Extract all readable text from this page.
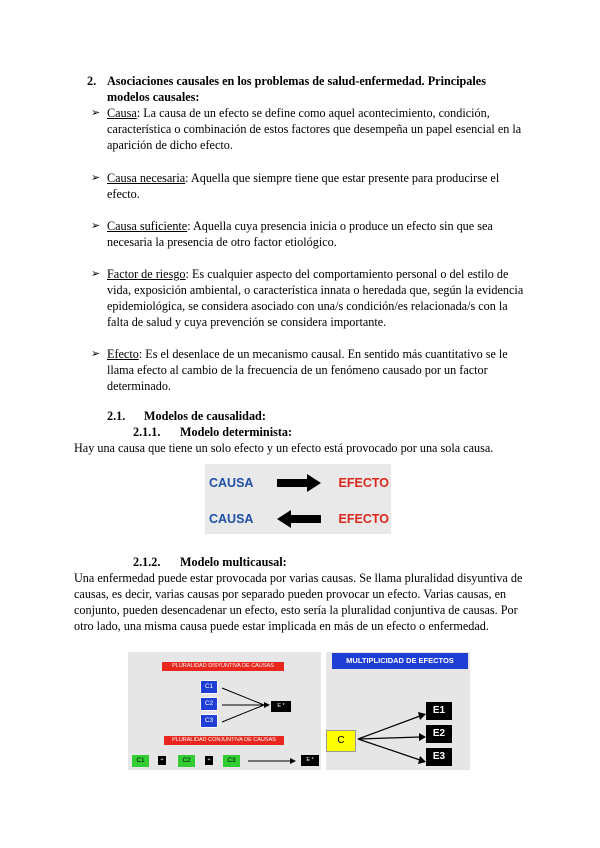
2. Asociaciones causales en los problemas de salud-enfermedad. Principales
modelos causales:
➢ Causa: La causa de un efecto se define como aquel acontecimiento, condición, característica o combinación de estos factores que desempeña un papel esencial en la aparición de dicho efecto.
➢ Causa necesaria: Aquella que siempre tiene que estar presente para producirse el efecto.
➢ Causa suficiente: Aquella cuya presencia inicia o produce un efecto sin que sea necesaria la presencia de otro factor etiológico.
➢ Factor de riesgo: Es cualquier aspecto del comportamiento personal o del estilo de vida, exposición ambiental, o característica innata o heredada que, según la evidencia epidemiológica, se considera asociado con una/s condición/es relacionada/s con la falta de salud y cuya prevención se considera importante.
➢ Efecto: Es el desenlace de un mecanismo causal. En sentido más cuantitativo se le llama efecto al cambio de la frecuencia de un fenómeno causado por un factor determinado.
2.1. Modelos de causalidad:
2.1.1. Modelo determinista:
Hay una causa que tiene un solo efecto y un efecto está provocado por una sola causa.
CAUSA	EFECTO
CAUSA	EFECTO
2.1.2. Modelo multicausal:
Una enfermedad puede estar provocada por varias causas. Se llama pluralidad disyuntiva de causas, es decir, varias causas por separado pueden provocar un efecto. Varias causas, en conjunto, pueden desencadenar un efecto, esto sería la pluralidad conjuntiva de causas. Por otro lado, una misma causa puede estar implicada en más de un efecto o enfermedad.
PLURALIDAD DISYUNTIVA DE CAUSAS
C1
C2
C3
E *
PLURALIDAD CONJUNTIVA DE CAUSAS
C1	+	C2	+	C3	E *
MULTIPLICIDAD DE EFECTOS
C
E1
E2
E3
